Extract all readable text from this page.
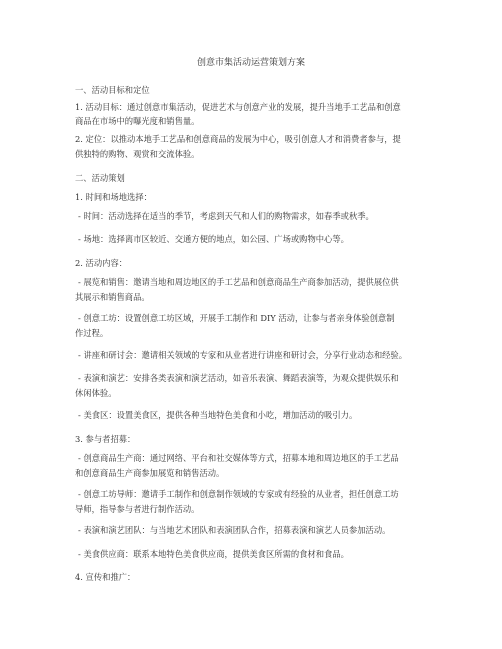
创意市集活动运营策划方案
一、活动目标和定位
1. 活动目标：通过创意市集活动，促进艺术与创意产业的发展，提升当地手工艺品和创意
商品在市场中的曝光度和销售量。
2. 定位：以推动本地手工艺品和创意商品的发展为中心，吸引创意人才和消费者参与，提
供独特的购物、观赏和交流体验。
二、活动策划
1. 时间和场地选择：
- 时间：活动选择在适当的季节，考虑到天气和人们的购物需求，如春季或秋季。
- 场地：选择离市区较近、交通方便的地点，如公园、广场或购物中心等。
2. 活动内容：
- 展览和销售：邀请当地和周边地区的手工艺品和创意商品生产商参加活动，提供展位供
其展示和销售商品。
- 创意工坊：设置创意工坊区域，开展手工制作和 DIY 活动，让参与者亲身体验创意制
作过程。
- 讲座和研讨会：邀请相关领域的专家和从业者进行讲座和研讨会，分享行业动态和经验。
- 表演和演艺：安排各类表演和演艺活动，如音乐表演、舞蹈表演等，为观众提供娱乐和
休闲体验。
- 美食区：设置美食区，提供各种当地特色美食和小吃，增加活动的吸引力。
3. 参与者招募：
- 创意商品生产商：通过网络、平台和社交媒体等方式，招募本地和周边地区的手工艺品
和创意商品生产商参加展览和销售活动。
- 创意工坊导师：邀请手工制作和创意制作领域的专家或有经验的从业者，担任创意工坊
导师，指导参与者进行制作活动。
- 表演和演艺团队：与当地艺术团队和表演团队合作，招募表演和演艺人员参加活动。
- 美食供应商：联系本地特色美食供应商，提供美食区所需的食材和食品。
4. 宣传和推广：
